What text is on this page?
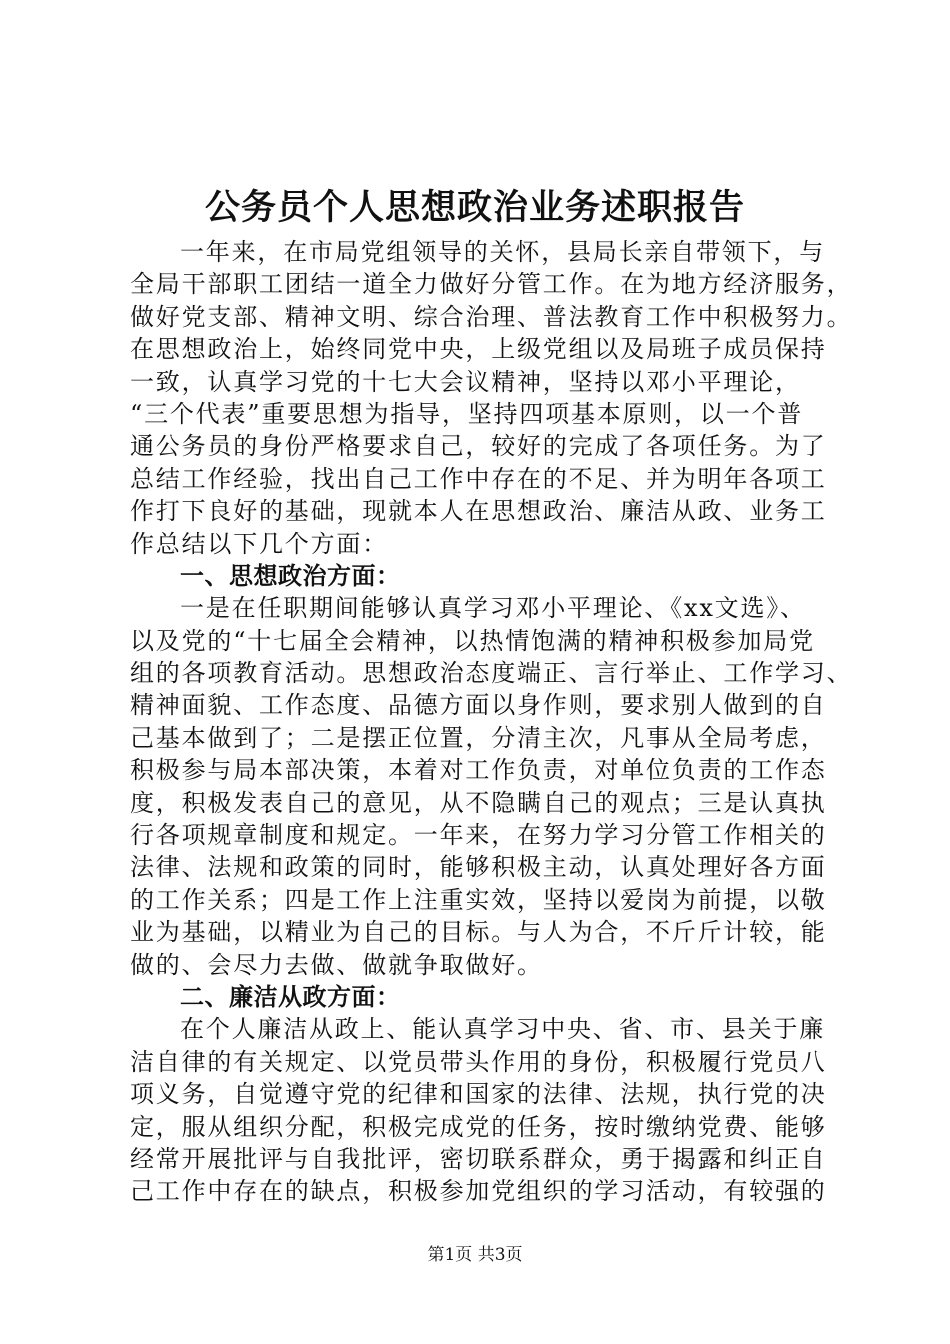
公务员个人思想政治业务述职报告
一年来，在市局党组领导的关怀，县局长亲自带领下，与
全局干部职工团结一道全力做好分管工作。在为地方经济服务，
做好党支部、精神文明、综合治理、普法教育工作中积极努力。
在思想政治上，始终同党中央，上级党组以及局班子成员保持
一致，认真学习党的十七大会议精神，坚持以邓小平理论，
“三个代表”重要思想为指导，坚持四项基本原则，以一个普
通公务员的身份严格要求自己，较好的完成了各项任务。为了
总结工作经验，找出自己工作中存在的不足、并为明年各项工
作打下良好的基础，现就本人在思想政治、廉洁从政、业务工
作总结以下几个方面：
一、思想政治方面：
一是在任职期间能够认真学习邓小平理论、《xx文选》、
以及党的“十七届全会精神，以热情饱满的精神积极参加局党
组的各项教育活动。思想政治态度端正、言行举止、工作学习、
精神面貌、工作态度、品德方面以身作则，要求别人做到的自
己基本做到了；二是摆正位置，分清主次，凡事从全局考虑，
积极参与局本部决策，本着对工作负责，对单位负责的工作态
度，积极发表自己的意见，从不隐瞒自己的观点；三是认真执
行各项规章制度和规定。一年来，在努力学习分管工作相关的
法律、法规和政策的同时，能够积极主动，认真处理好各方面
的工作关系；四是工作上注重实效，坚持以爱岗为前提，以敬
业为基础，以精业为自己的目标。与人为合，不斤斤计较，能
做的、会尽力去做、做就争取做好。
二、廉洁从政方面：
在个人廉洁从政上、能认真学习中央、省、市、县关于廉
洁自律的有关规定、以党员带头作用的身份，积极履行党员八
项义务，自觉遵守党的纪律和国家的法律、法规，执行党的决
定，服从组织分配，积极完成党的任务，按时缴纳党费、能够
经常开展批评与自我批评，密切联系群众，勇于揭露和纠正自
己工作中存在的缺点，积极参加党组织的学习活动，有较强的
第1页 共3页
